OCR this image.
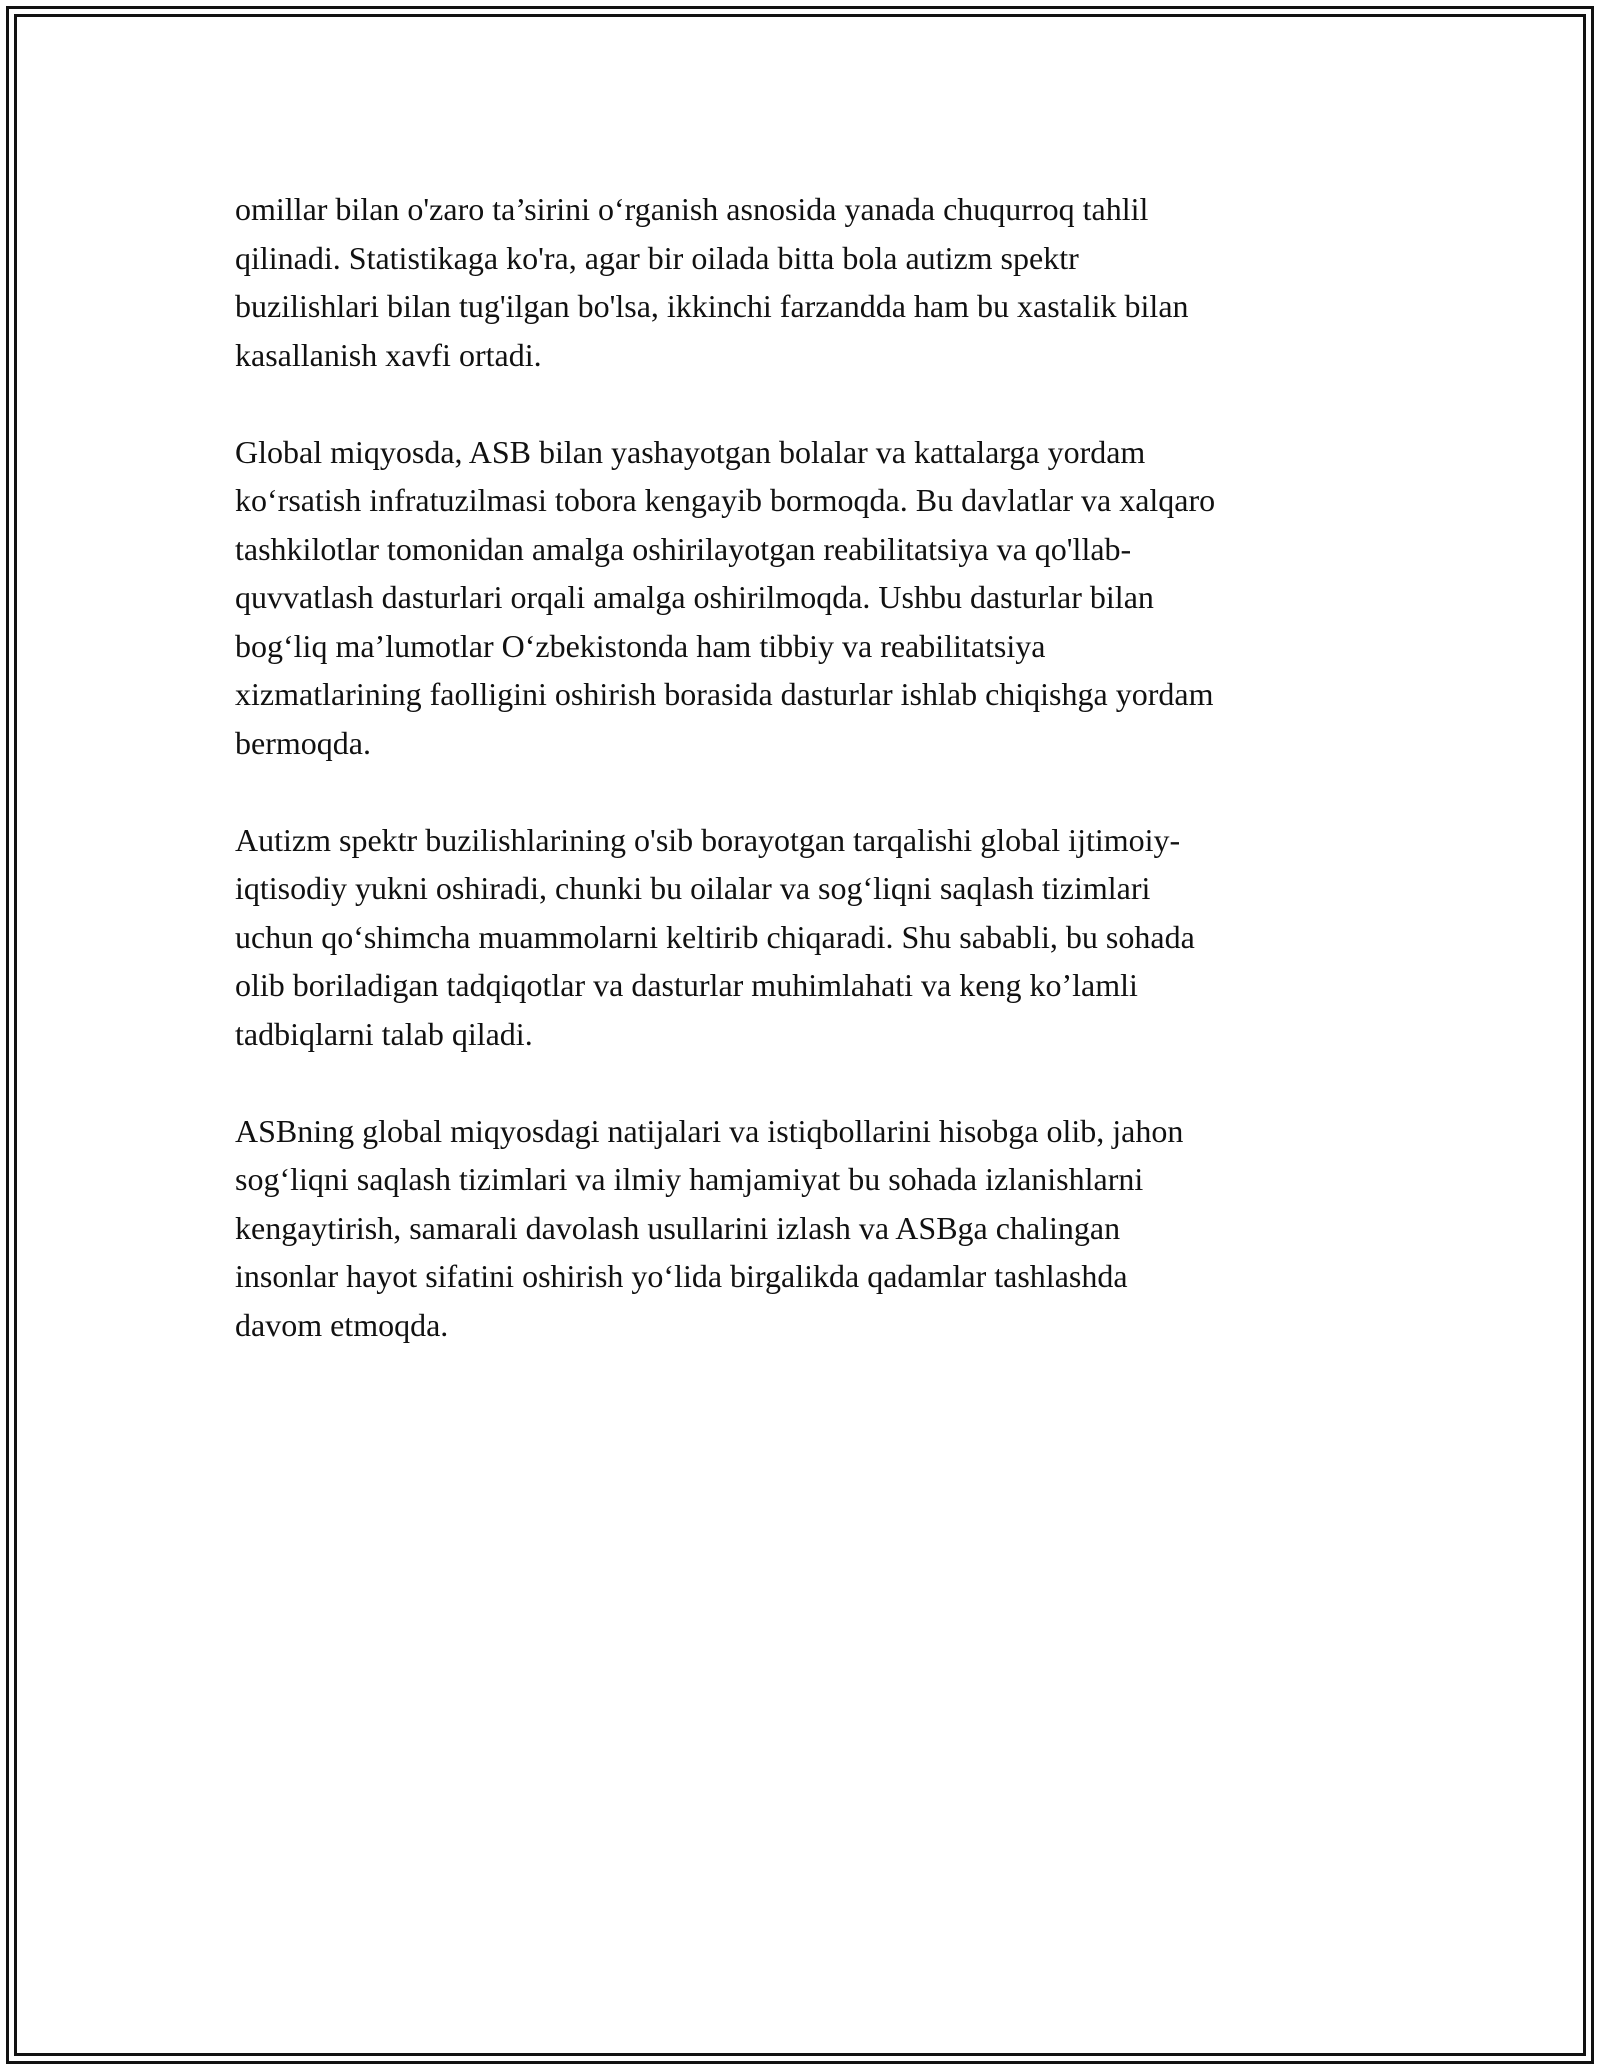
omillar bilan o'zaro ta’sirini o‘rganish asnosida yanada chuqurroq tahlil
qilinadi. Statistikaga ko'ra, agar bir oilada bitta bola autizm spektr
buzilishlari bilan tug'ilgan bo'lsa, ikkinchi farzandda ham bu xastalik bilan
kasallanish xavfi ortadi.

Global miqyosda, ASB bilan yashayotgan bolalar va kattalarga yordam
ko‘rsatish infratuzilmasi tobora kengayib bormoqda. Bu davlatlar va xalqaro
tashkilotlar tomonidan amalga oshirilayotgan reabilitatsiya va qo'llab-
quvvatlash dasturlari orqali amalga oshirilmoqda. Ushbu dasturlar bilan
bog‘liq ma’lumotlar O‘zbekistonda ham tibbiy va reabilitatsiya
xizmatlarining faolligini oshirish borasida dasturlar ishlab chiqishga yordam
bermoqda.

Autizm spektr buzilishlarining o'sib borayotgan tarqalishi global ijtimoiy-
iqtisodiy yukni oshiradi, chunki bu oilalar va sog‘liqni saqlash tizimlari
uchun qo‘shimcha muammolarni keltirib chiqaradi. Shu sababli, bu sohada
olib boriladigan tadqiqotlar va dasturlar muhimlahati va keng ko’lamli
tadbiqlarni talab qiladi.

ASBning global miqyosdagi natijalari va istiqbollarini hisobga olib, jahon
sog‘liqni saqlash tizimlari va ilmiy hamjamiyat bu sohada izlanishlarni
kengaytirish, samarali davolash usullarini izlash va ASBga chalingan
insonlar hayot sifatini oshirish yo‘lida birgalikda qadamlar tashlashda
davom etmoqda.
